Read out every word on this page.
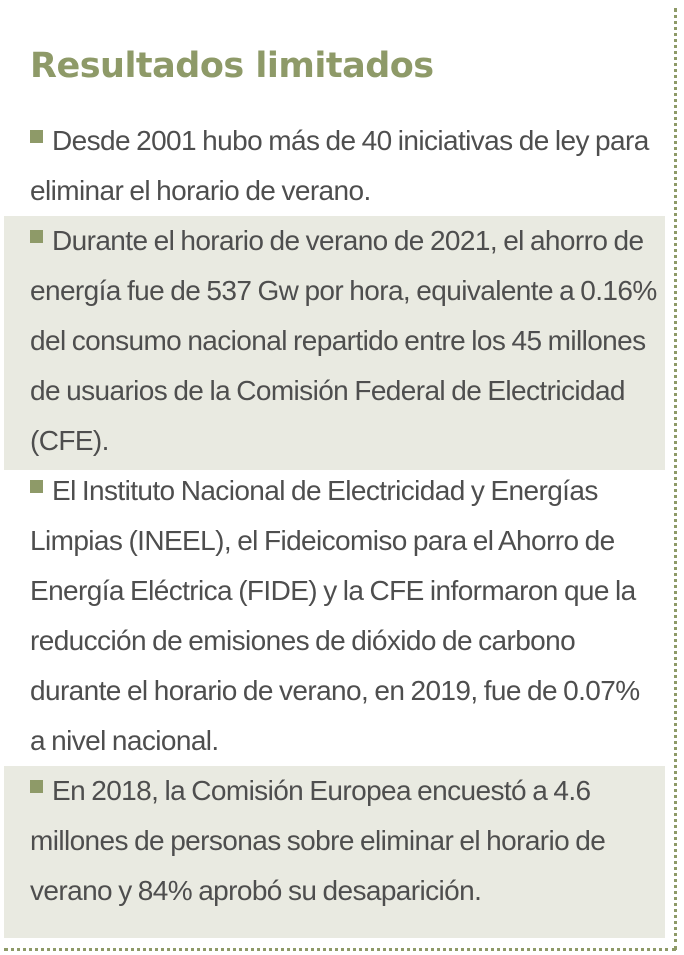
Resultados limitados

Desde 2001 hubo más de 40 iniciativas de ley para eliminar el horario de verano.

Durante el horario de verano de 2021, el ahorro de energía fue de 537 Gw por hora, equivalente a 0.16% del consumo nacional repartido entre los 45 millones de usuarios de la Comisión Federal de Electricidad (CFE).

El Instituto Nacional de Electricidad y Energías Limpias (INEEL), el Fideicomiso para el Ahorro de Energía Eléctrica (FIDE) y la CFE informaron que la reducción de emisiones de dióxido de carbono durante el horario de verano, en 2019, fue de 0.07% a nivel nacional.

En 2018, la Comisión Europea encuestó a 4.6 millones de personas sobre eliminar el horario de verano y 84% aprobó su desaparición.
